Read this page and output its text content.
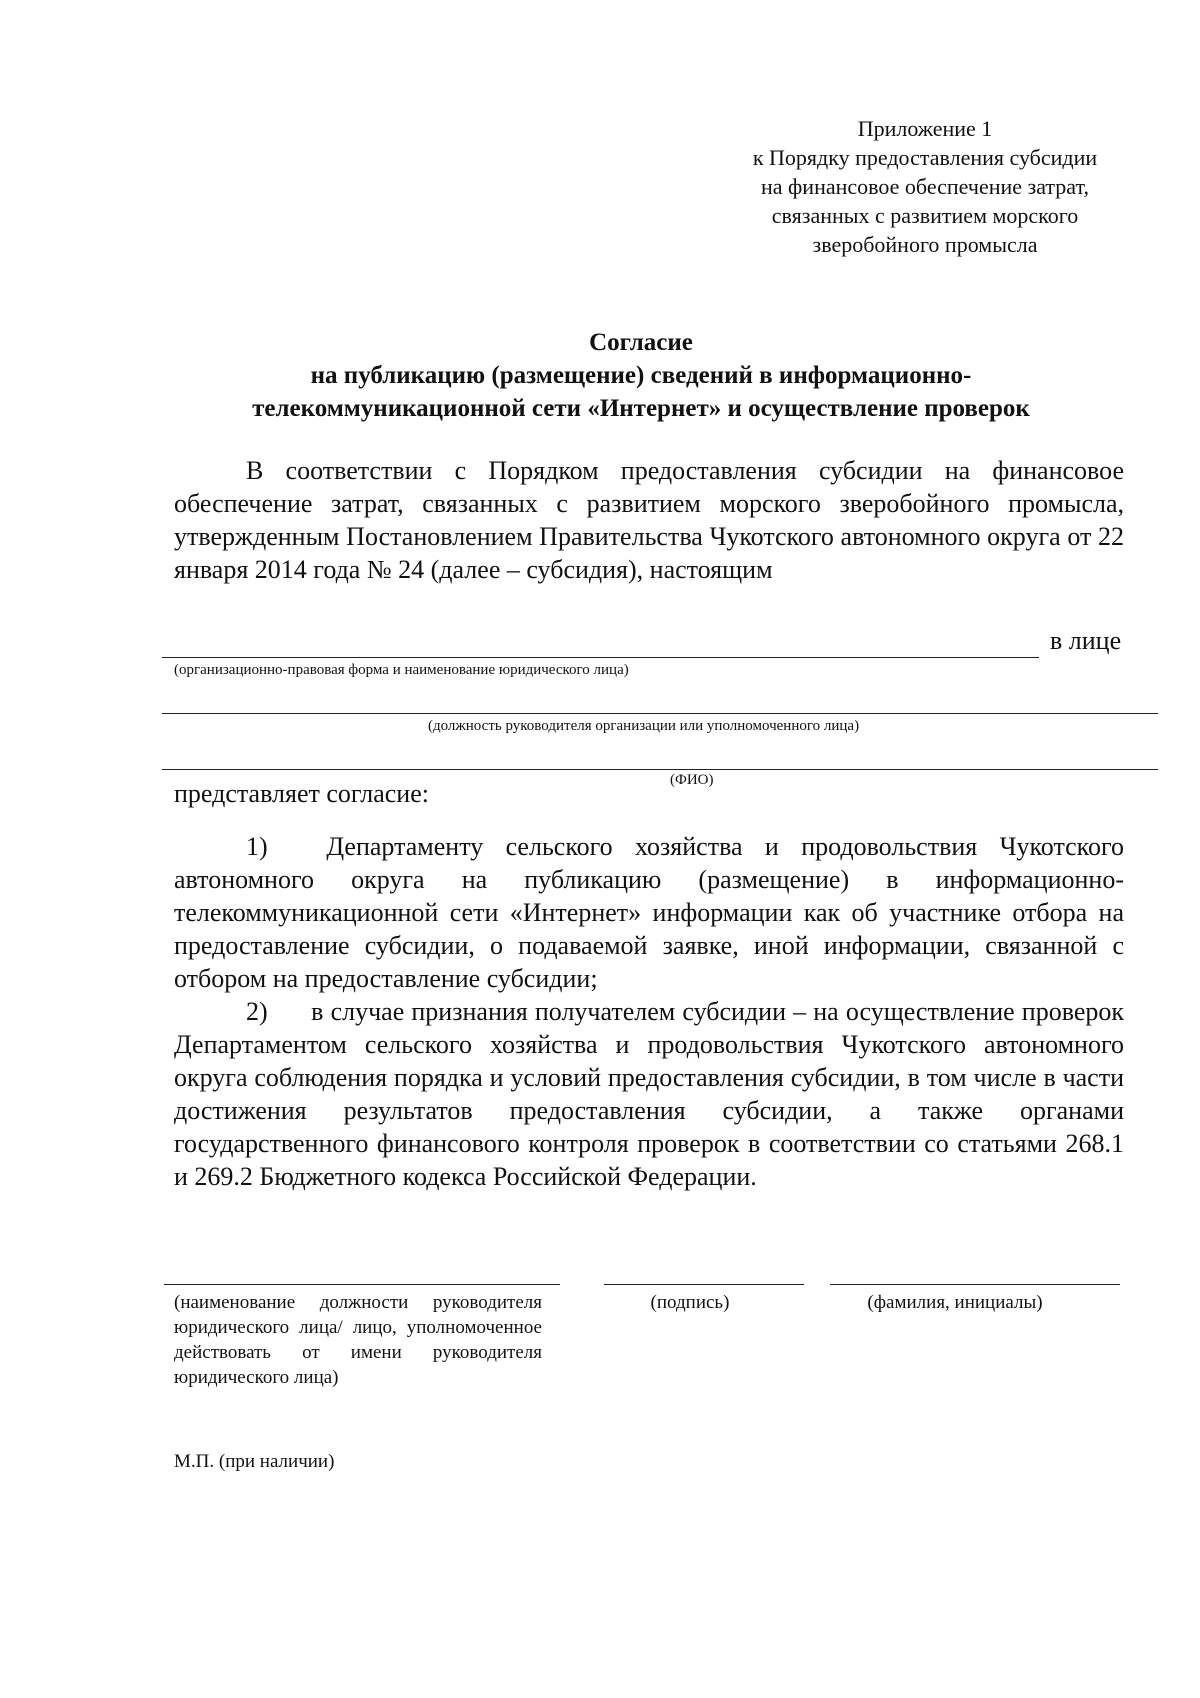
Приложение 1
к Порядку предоставления субсидии
на финансовое обеспечение затрат,
связанных с развитием морского
зверобойного промысла
Согласие
на публикацию (размещение) сведений в информационно-
телекоммуникационной сети «Интернет» и осуществление проверок

В соответствии с Порядком предоставления субсидии на финансовое обеспечение затрат, связанных с развитием морского зверобойного промысла, утвержденным Постановлением Правительства Чукотского автономного округа от 22 января 2014 года № 24 (далее – субсидия), настоящим

в лице
(организационно-правовая форма и наименование юридического лица)
(должность руководителя организации или уполномоченного лица)
(ФИО)

представляет согласие:

1) Департаменту сельского хозяйства и продовольствия Чукотского автономного округа на публикацию (размещение) в информационно-телекоммуникационной сети «Интернет» информации как об участнике отбора на предоставление субсидии, о подаваемой заявке, иной информации, связанной с отбором на предоставление субсидии;
2) в случае признания получателем субсидии – на осуществление проверок Департаментом сельского хозяйства и продовольствия Чукотского автономного округа соблюдения порядка и условий предоставления субсидии, в том числе в части достижения результатов предоставления субсидии, а также органами государственного финансового контроля проверок в соответствии со статьями 268.1 и 269.2 Бюджетного кодекса Российской Федерации.
(наименование должности руководителя юридического лица/ лицо, уполномоченное действовать от имени руководителя юридического лица)
(подпись)	(фамилия, инициалы)
М.П. (при наличии)
